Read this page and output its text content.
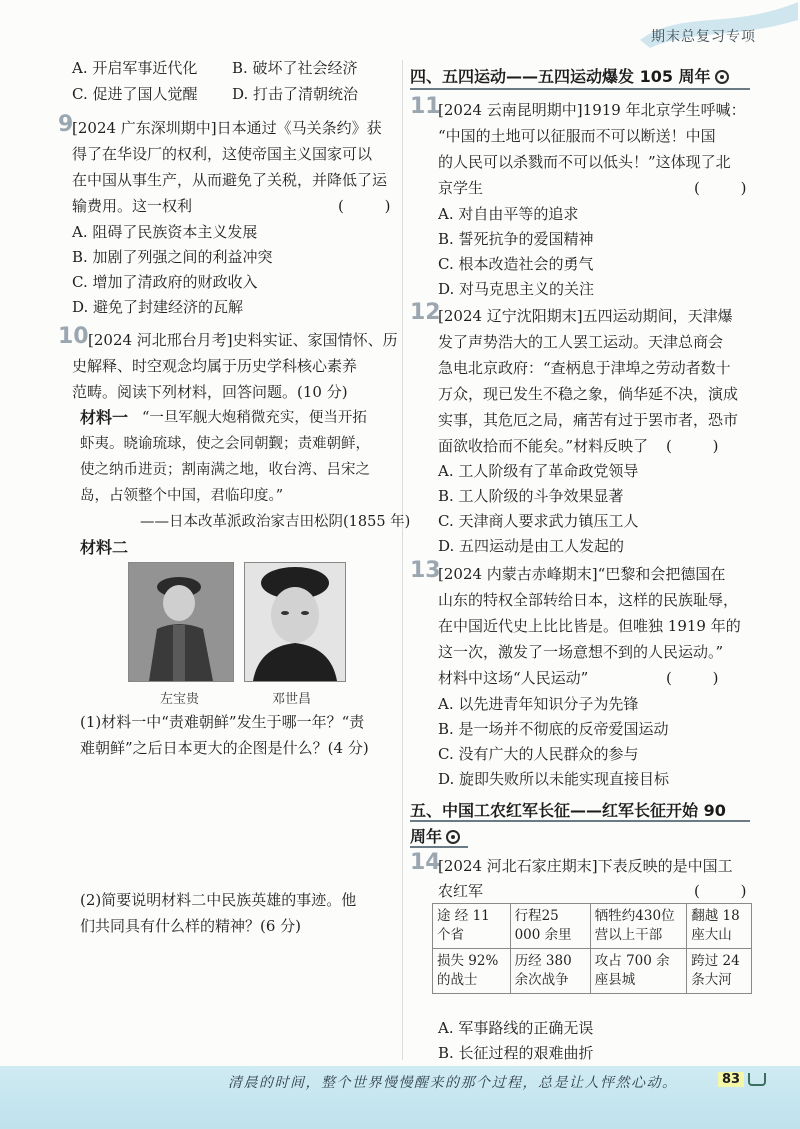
期末总复习专项
A. 开启军事近代化 B. 破坏了社会经济
C. 促进了国人觉醒 D. 打击了清朝统治
9
[2024 广东深圳期中]日本通过《马关条约》获
得了在华设厂的权利，这使帝国主义国家可以
在中国从事生产，从而避免了关税，并降低了运
输费用。这一权利	( )
A. 阻碍了民族资本主义发展
B. 加剧了列强之间的利益冲突
C. 增加了清政府的财政收入
D. 避免了封建经济的瓦解
10 [2024 河北邢台月考]史料实证、家国情怀、历
史解释、时空观念均属于历史学科核心素养
范畴。阅读下列材料，回答问题。(10 分)
材料一 “一旦军舰大炮稍微充实，便当开拓
虾夷。晓谕琉球，使之会同朝觐；责难朝鲜，
使之纳币进贡；割南满之地，收台湾、吕宋之
岛，占领整个中国，君临印度。”
——日本改革派政治家吉田松阴(1855 年)
材料二
左宝贵	邓世昌
(1)材料一中“责难朝鲜”发生于哪一年？“责
难朝鲜”之后日本更大的企图是什么？(4 分)
(2)简要说明材料二中民族英雄的事迹。他
们共同具有什么样的精神？(6 分)
四、五四运动——五四运动爆发 105 周年
11
[2024 云南昆明期中]1919 年北京学生呼喊：
“中国的土地可以征服而不可以断送！中国
的人民可以杀戮而不可以低头！”这体现了北
京学生	( )
A. 对自由平等的追求
B. 誓死抗争的爱国精神
C. 根本改造社会的勇气
D. 对马克思主义的关注
12
[2024 辽宁沈阳期末]五四运动期间，天津爆
发了声势浩大的工人罢工运动。天津总商会
急电北京政府：“查柄息于津埠之劳动者数十
万众，现已发生不稳之象，倘华延不决，演成
实事，其危厄之局，痛苦有过于罢市者，恐市
面欲收拾而不能矣。”材料反映了 ( )
A. 工人阶级有了革命政党领导
B. 工人阶级的斗争效果显著
C. 天津商人要求武力镇压工人
D. 五四运动是由工人发起的
13
[2024 内蒙古赤峰期末]“巴黎和会把德国在
山东的特权全部转给日本，这样的民族耻辱，
在中国近代史上比比皆是。但唯独 1919 年的
这一次，激发了一场意想不到的人民运动。”
材料中这场“人民运动”	( )
A. 以先进青年知识分子为先锋
B. 是一场并不彻底的反帝爱国运动
C. 没有广大的人民群众的参与
D. 旋即失败所以未能实现直接目标
五、中国工农红军长征——红军长征开始 90
周年
14
[2024 河北石家庄期末]下表反映的是中国工
农红军	( )
途 经 11 个省	行程25 000 余里	牺牲约430位营以上干部	翻越 18 座大山
损失 92% 的战士	历经 380 余次战争	攻占 700 余座县城	跨过 24 条大河
A. 军事路线的正确无误
B. 长征过程的艰难曲折
清晨的时间，整个世界慢慢醒来的那个过程，总是让人怦然心动。	83
